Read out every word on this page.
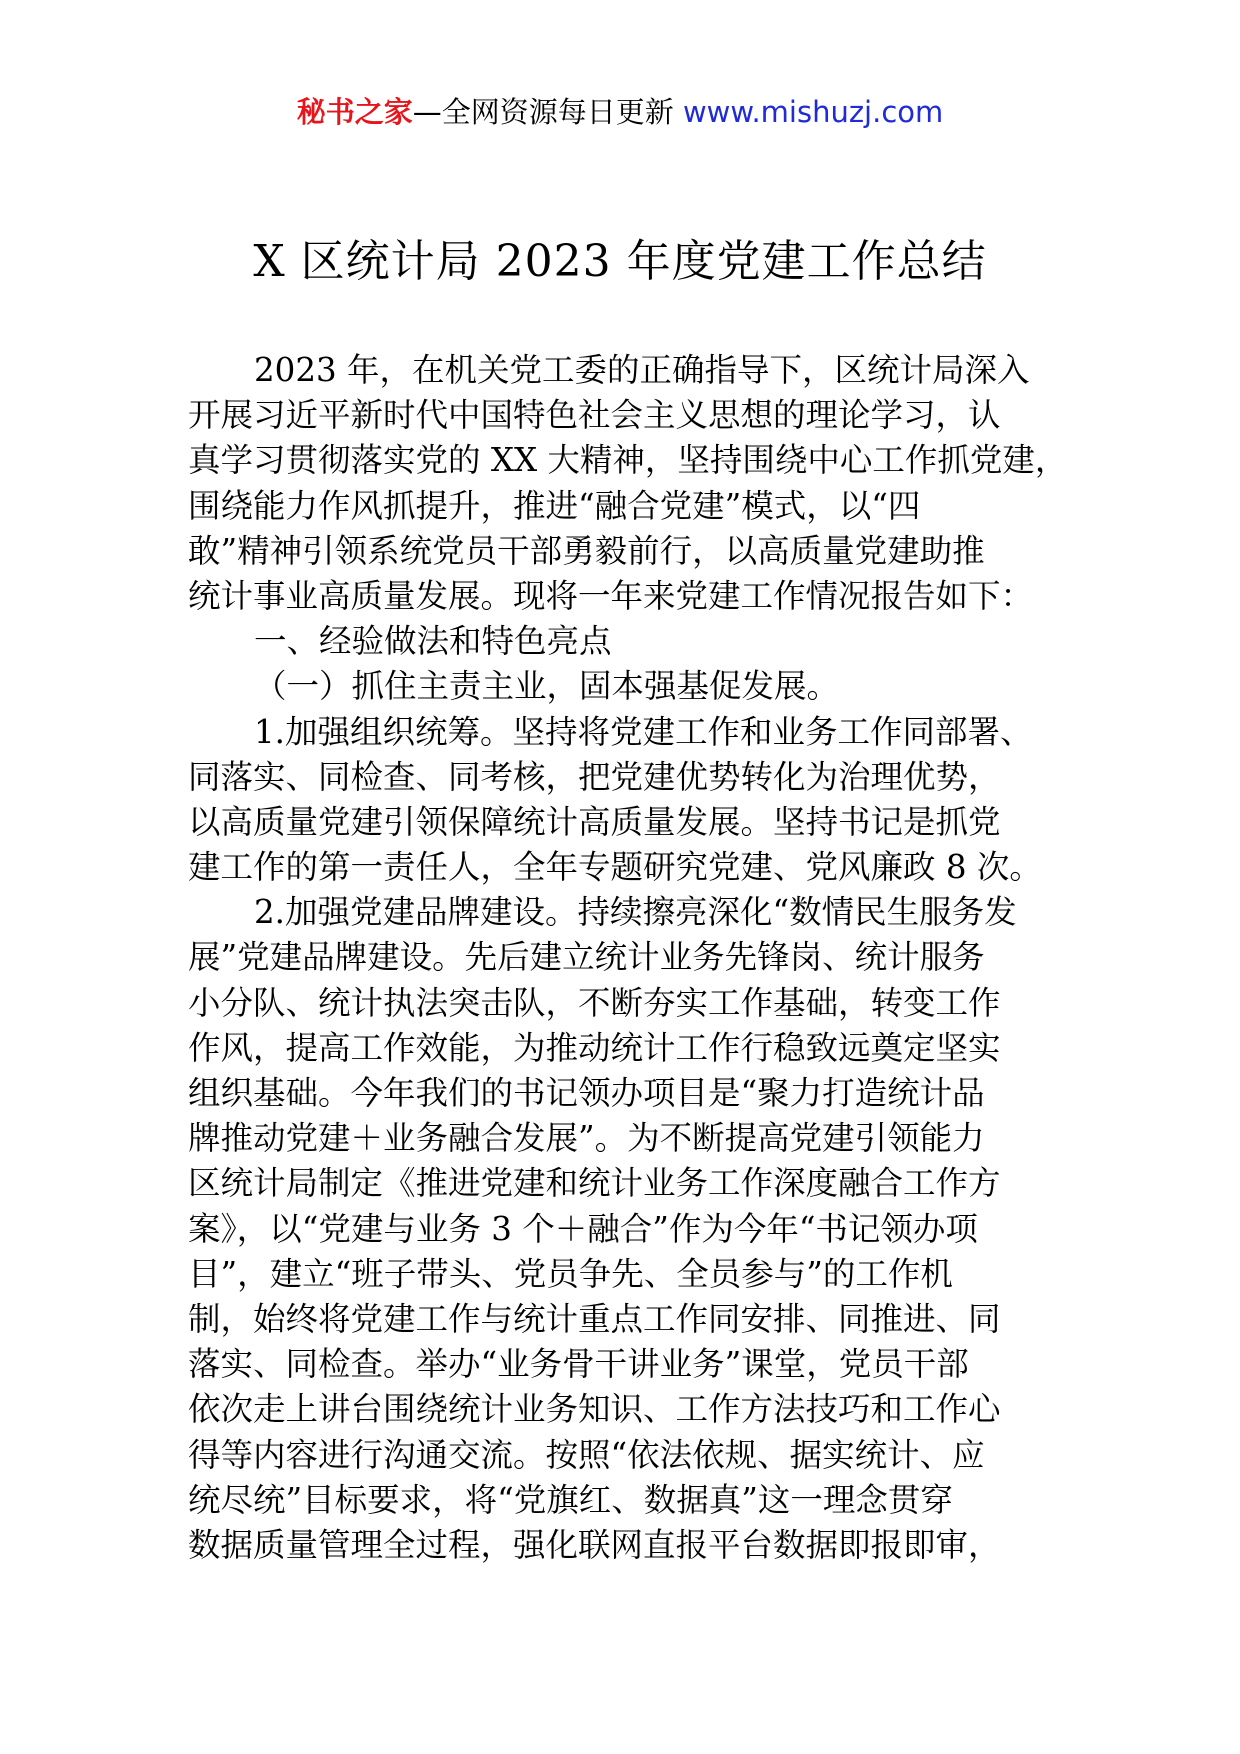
秘书之家—全网资源每日更新 www.mishuzj.com
X 区统计局 2023 年度党建工作总结
2023 年，在机关党工委的正确指导下，区统计局深入
开展习近平新时代中国特色社会主义思想的理论学习，认
真学习贯彻落实党的 XX 大精神，坚持围绕中心工作抓党建，
围绕能力作风抓提升，推进“融合党建”模式，以“四
敢”精神引领系统党员干部勇毅前行，以高质量党建助推
统计事业高质量发展。现将一年来党建工作情况报告如下：
一、经验做法和特色亮点
（一）抓住主责主业，固本强基促发展。
1.加强组织统筹。坚持将党建工作和业务工作同部署、
同落实、同检查、同考核，把党建优势转化为治理优势，
以高质量党建引领保障统计高质量发展。坚持书记是抓党
建工作的第一责任人，全年专题研究党建、党风廉政 8 次。
2.加强党建品牌建设。持续擦亮深化“数情民生服务发
展”党建品牌建设。先后建立统计业务先锋岗、统计服务
小分队、统计执法突击队，不断夯实工作基础，转变工作
作风，提高工作效能，为推动统计工作行稳致远奠定坚实
组织基础。今年我们的书记领办项目是“聚力打造统计品
牌推动党建＋业务融合发展”。为不断提高党建引领能力
区统计局制定《推进党建和统计业务工作深度融合工作方
案》，以“党建与业务 3 个＋融合”作为今年“书记领办项
目”，建立“班子带头、党员争先、全员参与”的工作机
制，始终将党建工作与统计重点工作同安排、同推进、同
落实、同检查。举办“业务骨干讲业务”课堂，党员干部
依次走上讲台围绕统计业务知识、工作方法技巧和工作心
得等内容进行沟通交流。按照“依法依规、据实统计、应
统尽统”目标要求，将“党旗红、数据真”这一理念贯穿
数据质量管理全过程，强化联网直报平台数据即报即审，
